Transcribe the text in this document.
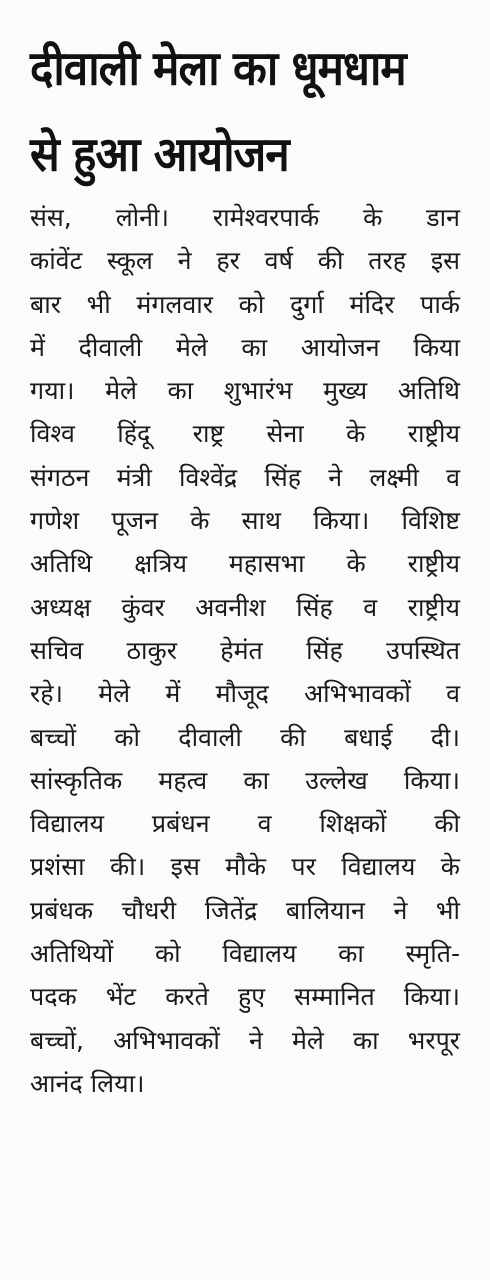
दीवाली मेला का धूमधाम
से हुआ आयोजन
संस, लोनी। रामेश्वरपार्क के डान
कांवेंट स्कूल ने हर वर्ष की तरह इस
बार भी मंगलवार को दुर्गा मंदिर पार्क
में दीवाली मेले का आयोजन किया
गया। मेले का शुभारंभ मुख्य अतिथि
विश्व हिंदू राष्ट्र सेना के राष्ट्रीय
संगठन मंत्री विश्वेंद्र सिंह ने लक्ष्मी व
गणेश पूजन के साथ किया। विशिष्ट
अतिथि क्षत्रिय महासभा के राष्ट्रीय
अध्यक्ष कुंवर अवनीश सिंह व राष्ट्रीय
सचिव ठाकुर हेमंत सिंह उपस्थित
रहे। मेले में मौजूद अभिभावकों व
बच्चों को दीवाली की बधाई दी।
सांस्कृतिक महत्व का उल्लेख किया।
विद्यालय प्रबंधन व शिक्षकों की
प्रशंसा की। इस मौके पर विद्यालय के
प्रबंधक चौधरी जितेंद्र बालियान ने भी
अतिथियों को विद्यालय का स्मृति-
पदक भेंट करते हुए सम्मानित किया।
बच्चों, अभिभावकों ने मेले का भरपूर
आनंद लिया।
